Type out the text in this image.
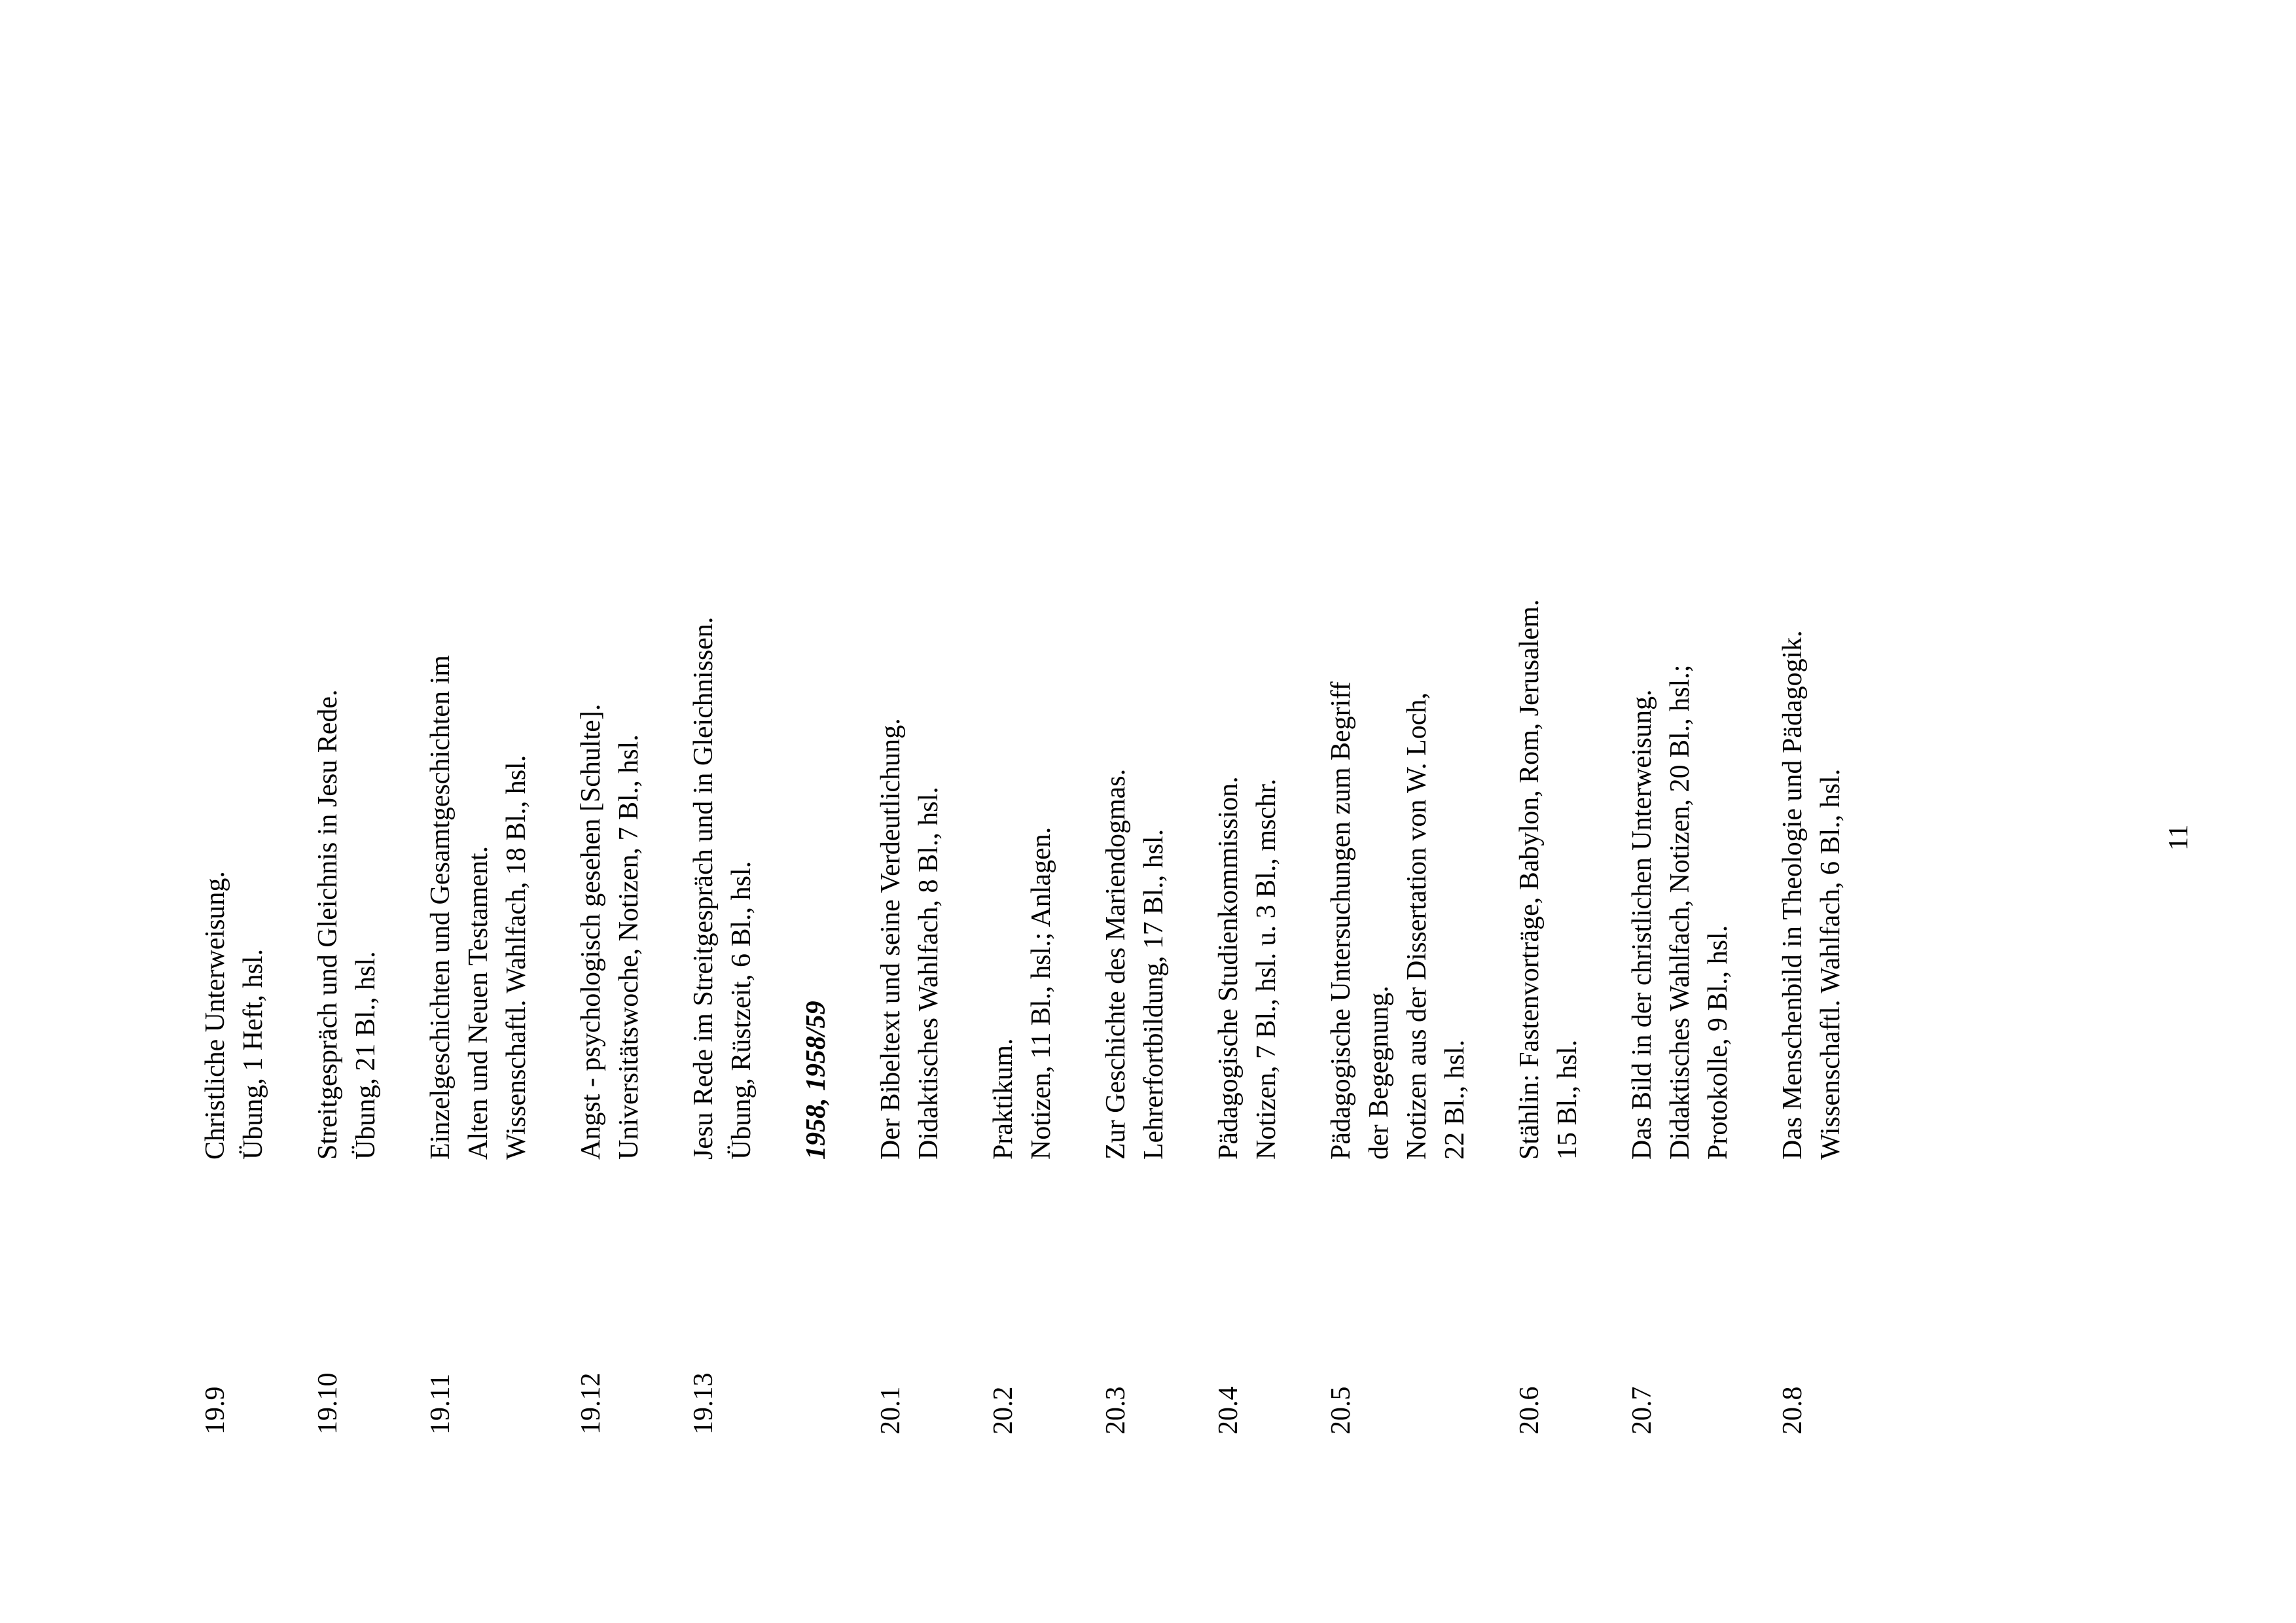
19.9
Christliche Unterweisung. Übung, 1 Heft, hsl.
19.10
Streitgespräch und Gleichnis in Jesu Rede. Übung, 21 Bl., hsl.
19.11
Einzelgeschichten und Gesamtgeschichten im Alten und Neuen Testament. Wissenschaftl. Wahlfach, 18 Bl., hsl.
19.12
Angst - psychologisch gesehen [Schulte]. Universitätswoche, Notizen, 7 Bl., hsl.
19.13
Jesu Rede im Streitgespräch und in Gleichnissen. Übung, Rüstzeit, 6 Bl., hsl. 1958, 1958/59
20.1
Der Bibeltext und seine Verdeutlichung. Didaktisches Wahlfach, 8 Bl., hsl.
20.2
Praktikum. Notizen, 11 Bl., hsl.; Anlagen.
20.3
Zur Geschichte des Mariendogmas. Lehrerfortbildung, 17 Bl., hsl.
20.4
Pädagogische Studienkommission. Notizen, 7 Bl., hsl. u. 3 Bl., mschr.
20.5
Pädagogische Untersuchungen zum Begriff der Begegnung. Notizen aus der Dissertation von W. Loch, 22 Bl., hsl.
20.6
Stählin: Fastenvorträge, Babylon, Rom, Jerusalem. 15 Bl., hsl.
20.7
Das Bild in der christlichen Unterweisung. Didaktisches Wahlfach, Notizen, 20 Bl., hsl.; Protokolle, 9 Bl., hsl.
20.8
Das Menschenbild in Theologie und Pädagogik. Wissenschaftl. Wahlfach, 6 Bl., hsl.	11
